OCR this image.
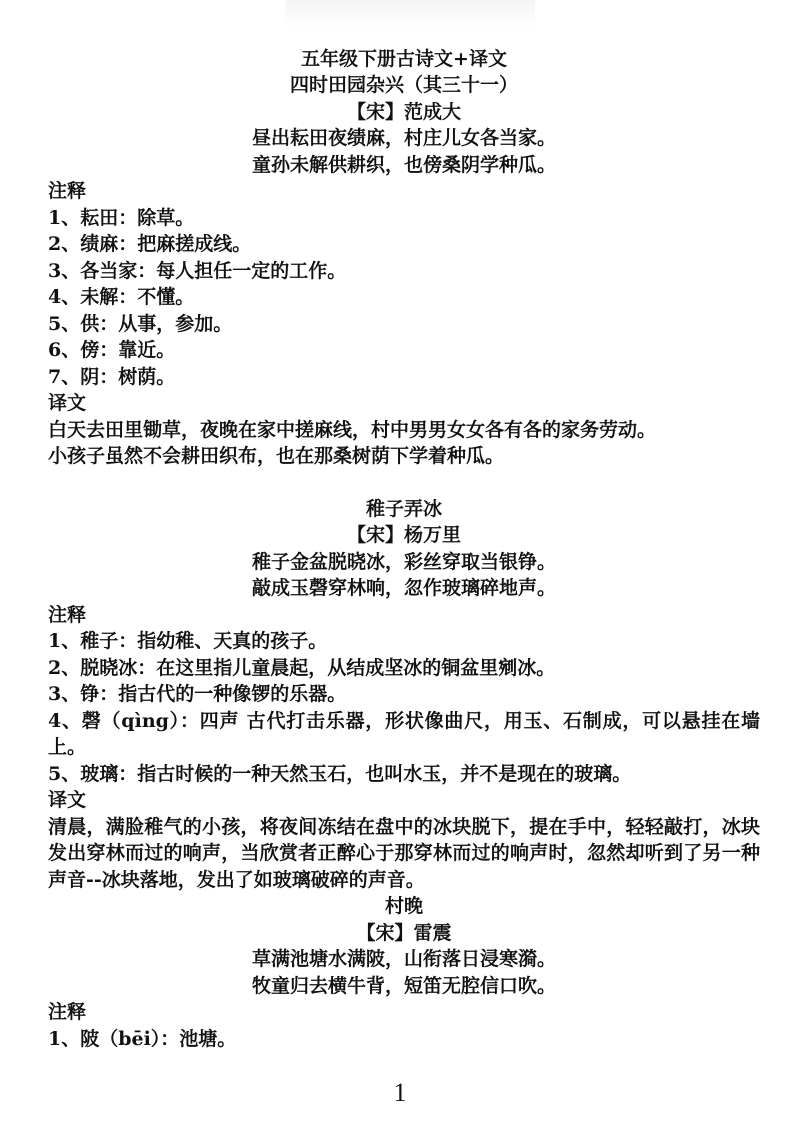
五年级下册古诗文+译文
四时田园杂兴（其三十一）
【宋】范成大
昼出耘田夜绩麻，村庄儿女各当家。
童孙未解供耕织，也傍桑阴学种瓜。
注释
1、耘田：除草。
2、绩麻：把麻搓成线。
3、各当家：每人担任一定的工作。
4、未解：不懂。
5、供：从事，参加。
6、傍：靠近。
7、阴：树荫。
译文
白天去田里锄草，夜晚在家中搓麻线，村中男男女女各有各的家务劳动。
小孩子虽然不会耕田织布，也在那桑树荫下学着种瓜。
稚子弄冰
【宋】杨万里
稚子金盆脱晓冰，彩丝穿取当银铮。
敲成玉磬穿林响，忽作玻璃碎地声。
注释
1、稚子：指幼稚、天真的孩子。
2、脱晓冰：在这里指儿童晨起，从结成坚冰的铜盆里剜冰。
3、铮：指古代的一种像锣的乐器。
4、磬（qìng）：四声 古代打击乐器，形状像曲尺，用玉、石制成，可以悬挂在墙上。
5、玻璃：指古时候的一种天然玉石，也叫水玉，并不是现在的玻璃。
译文
清晨，满脸稚气的小孩，将夜间冻结在盘中的冰块脱下，提在手中，轻轻敲打，冰块发出穿林而过的响声，当欣赏者正醉心于那穿林而过的响声时，忽然却听到了另一种声音--冰块落地，发出了如玻璃破碎的声音。
村晚
【宋】雷震
草满池塘水满陂，山衔落日浸寒漪。
牧童归去横牛背，短笛无腔信口吹。
注释
1、陂（bēi）：池塘。
1
